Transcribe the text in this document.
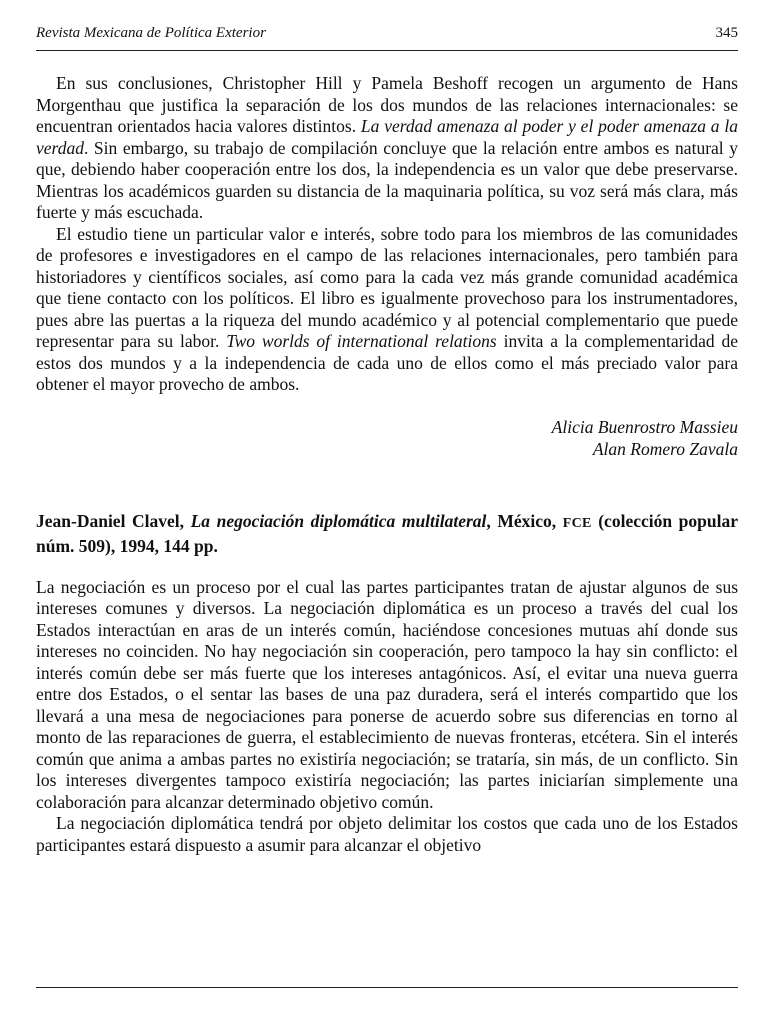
Revista Mexicana de Política Exterior	345

En sus conclusiones, Christopher Hill y Pamela Beshoff recogen un argumento de Hans Morgenthau que justifica la separación de los dos mundos de las relaciones internacionales: se encuentran orientados hacia valores distintos. La verdad amenaza al poder y el poder amenaza a la verdad. Sin embargo, su trabajo de compilación concluye que la relación entre ambos es natural y que, debiendo haber cooperación entre los dos, la independencia es un valor que debe preservarse. Mientras los académicos guarden su distancia de la maquinaria política, su voz será más clara, más fuerte y más escuchada.

El estudio tiene un particular valor e interés, sobre todo para los miembros de las comunidades de profesores e investigadores en el campo de las relaciones internacionales, pero también para historiadores y científicos sociales, así como para la cada vez más grande comunidad académica que tiene contacto con los políticos. El libro es igualmente provechoso para los instrumentadores, pues abre las puertas a la riqueza del mundo académico y al potencial complementario que puede representar para su labor. Two worlds of international relations invita a la complementaridad de estos dos mundos y a la independencia de cada uno de ellos como el más preciado valor para obtener el mayor provecho de ambos.

Alicia Buenrostro Massieu
Alan Romero Zavala
Jean-Daniel Clavel, La negociación diplomática multilateral, México, FCE (colección popular núm. 509), 1994, 144 pp.

La negociación es un proceso por el cual las partes participantes tratan de ajustar algunos de sus intereses comunes y diversos. La negociación diplomática es un proceso a través del cual los Estados interactúan en aras de un interés común, haciéndose concesiones mutuas ahí donde sus intereses no coinciden. No hay negociación sin cooperación, pero tampoco la hay sin conflicto: el interés común debe ser más fuerte que los intereses antagónicos. Así, el evitar una nueva guerra entre dos Estados, o el sentar las bases de una paz duradera, será el interés compartido que los llevará a una mesa de negociaciones para ponerse de acuerdo sobre sus diferencias en torno al monto de las reparaciones de guerra, el establecimiento de nuevas fronteras, etcétera. Sin el interés común que anima a ambas partes no existiría negociación; se trataría, sin más, de un conflicto. Sin los intereses divergentes tampoco existiría negociación; las partes iniciarían simplemente una colaboración para alcanzar determinado objetivo común.

La negociación diplomática tendrá por objeto delimitar los costos que cada uno de los Estados participantes estará dispuesto a asumir para alcanzar el objetivo
